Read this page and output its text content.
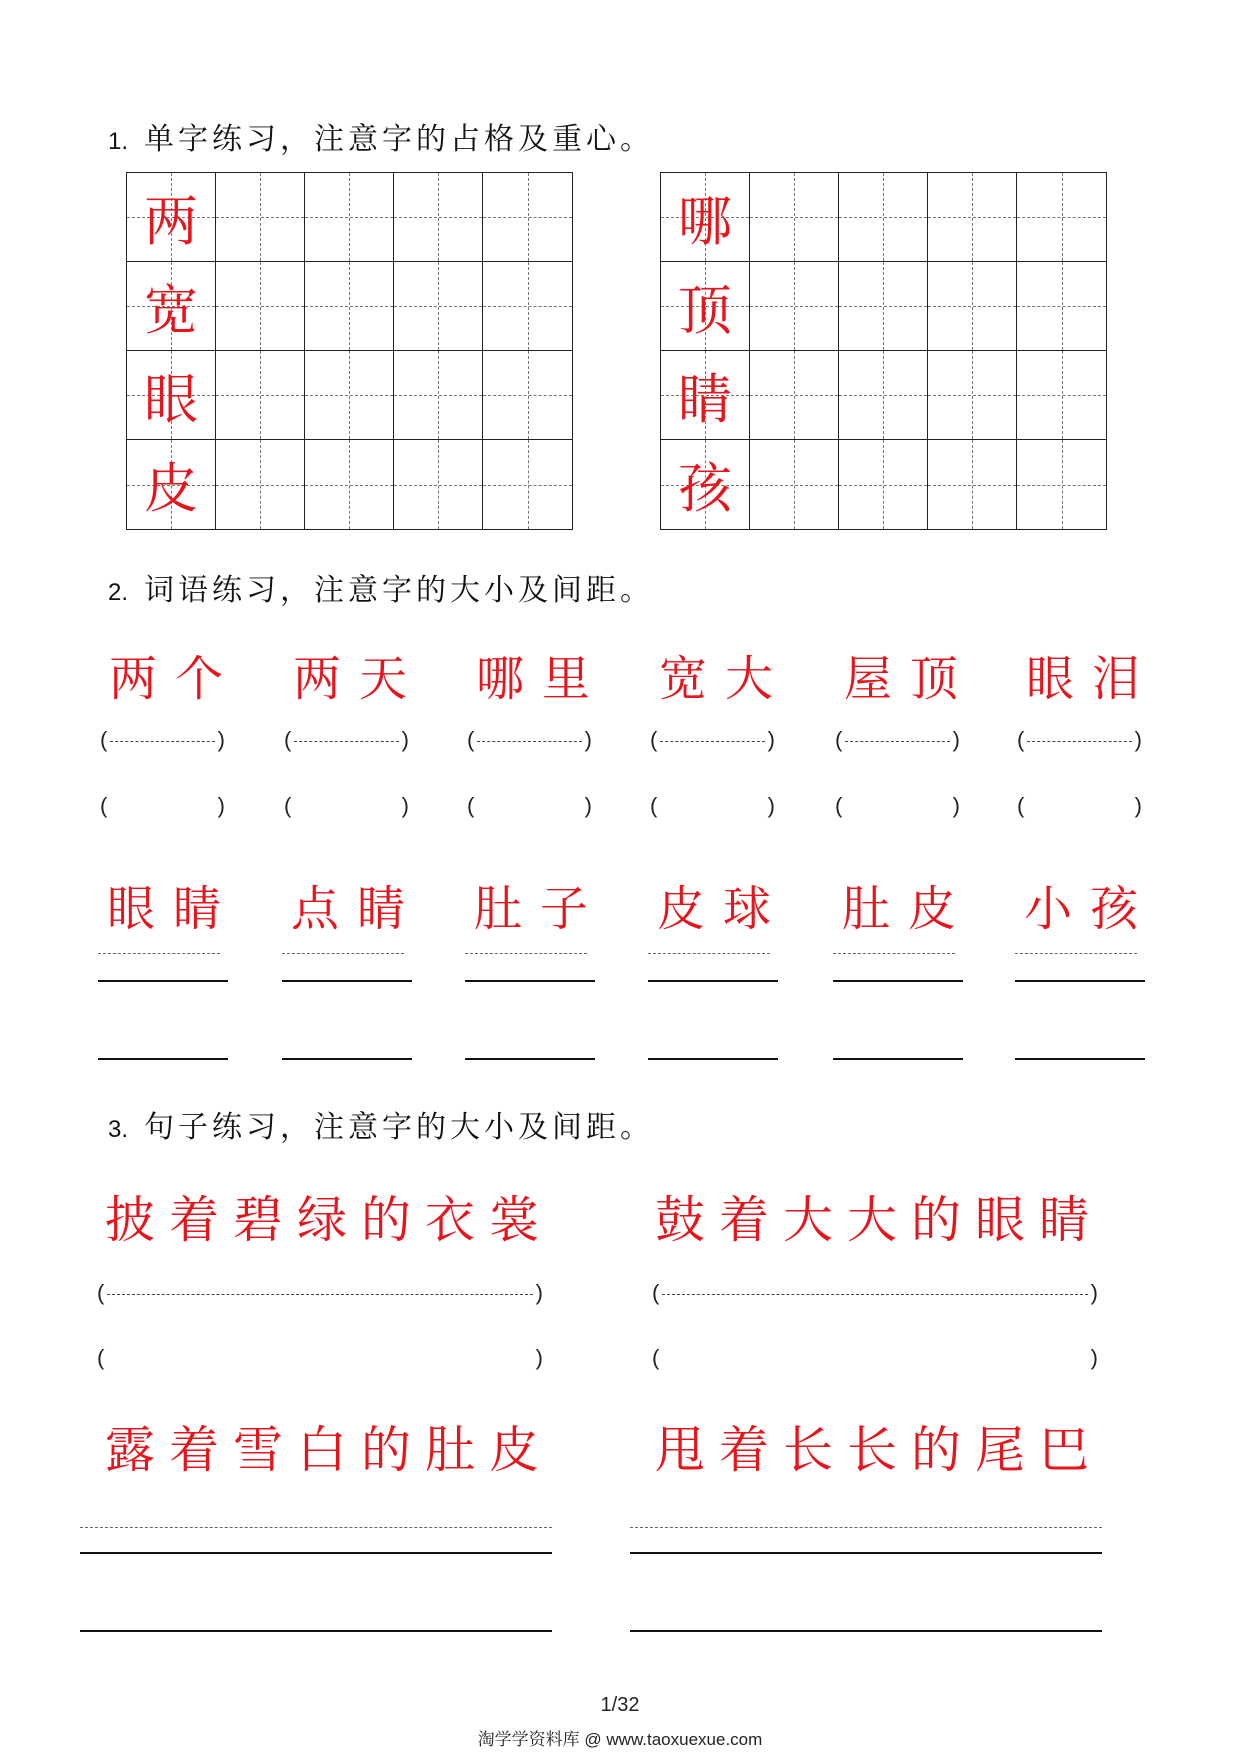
1. 单字练习，注意字的占格及重心。
两
宽
眼
皮
哪
顶
睛
孩
2. 词语练习，注意字的大小及间距。
两个
(	)
(	)
两天
(	)
(	)
哪里
(	)
(	)
宽大
(	)
(	)
屋顶
(	)
(	)
眼泪
(	)
(	)
眼睛 点睛 肚子 皮球 肚皮 小孩
3. 句子练习，注意字的大小及间距。
披着碧绿的衣裳 鼓着大大的眼睛
(	)	(	)
(	)	(	)
露着雪白的肚皮 甩着长长的尾巴
1/32
淘学学资料库 @ www.taoxuexue.com
